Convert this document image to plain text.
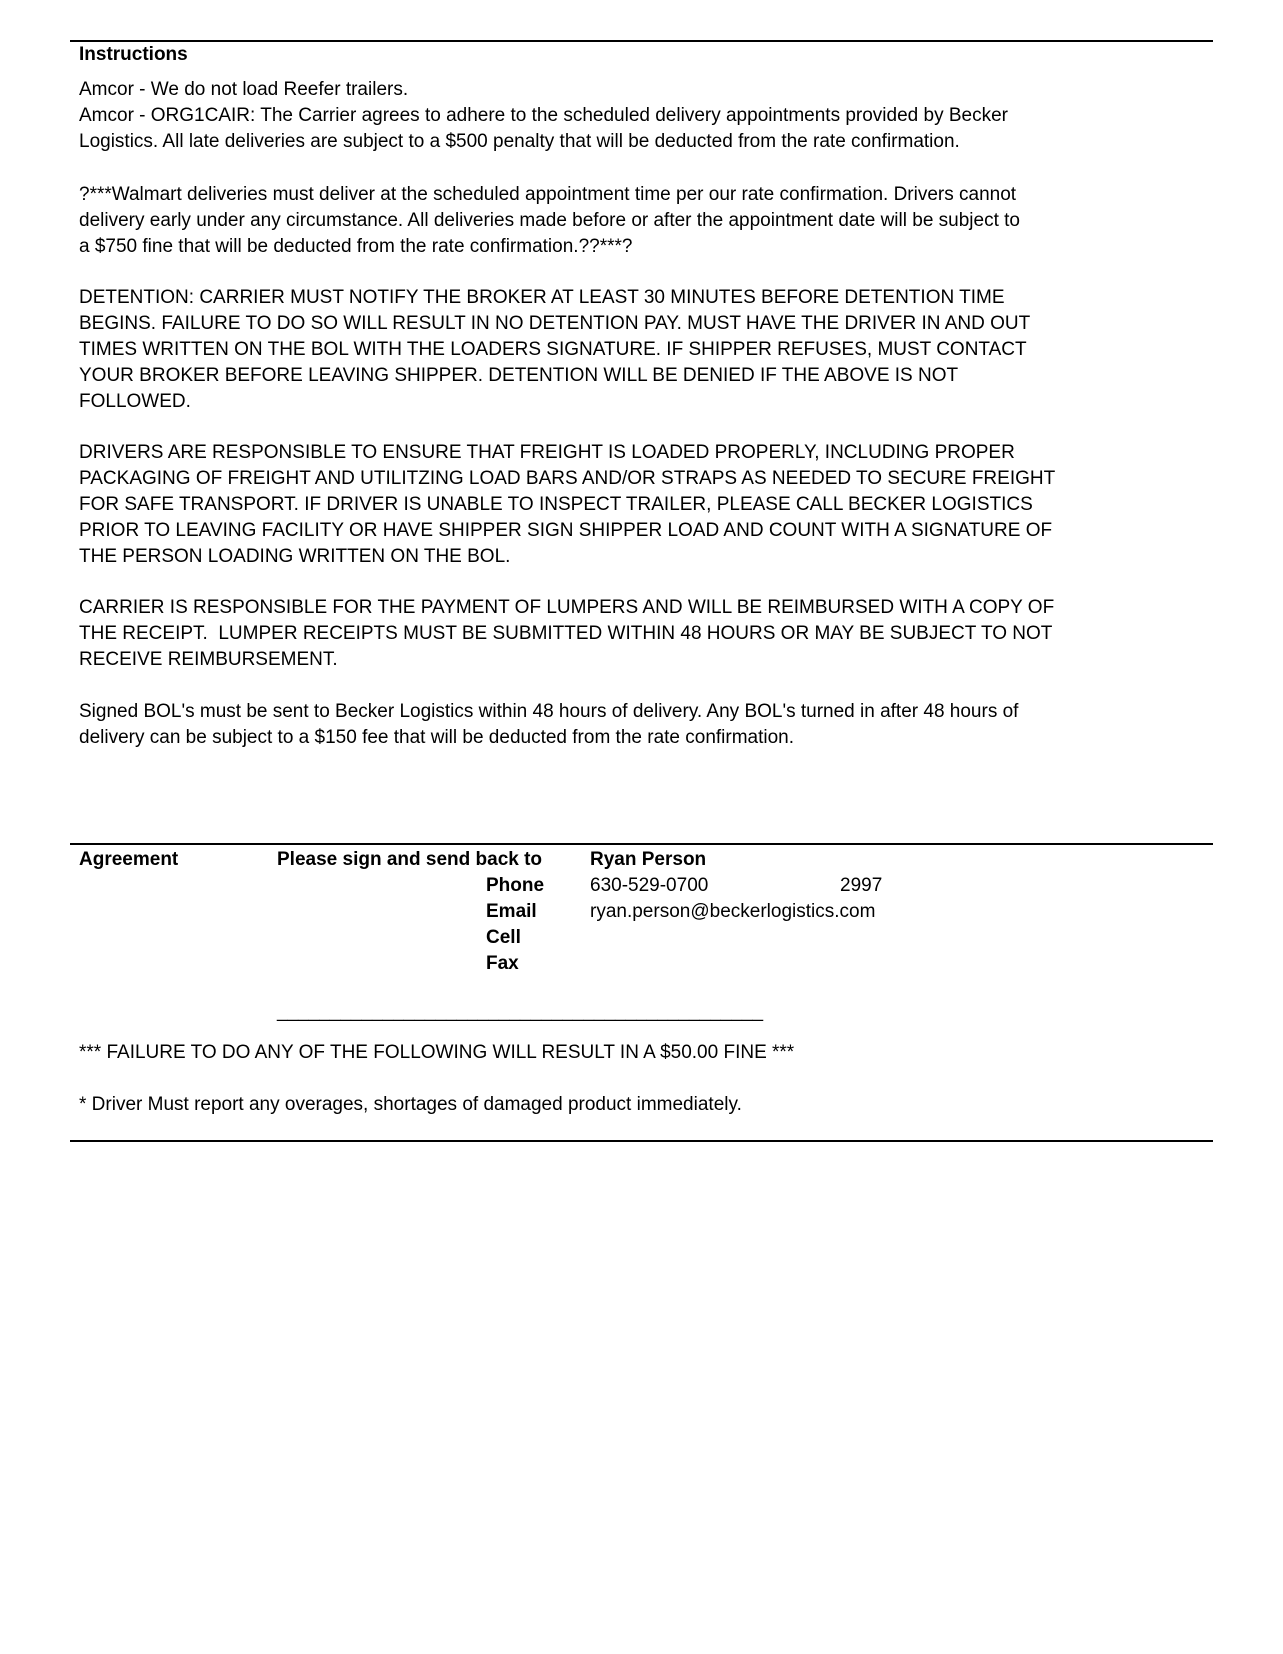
Instructions
Amcor - We do not load Reefer trailers.
Amcor - ORG1CAIR: The Carrier agrees to adhere to the scheduled delivery appointments provided by Becker
Logistics. All late deliveries are subject to a $500 penalty that will be deducted from the rate confirmation.
?***Walmart deliveries must deliver at the scheduled appointment time per our rate confirmation. Drivers cannot
delivery early under any circumstance. All deliveries made before or after the appointment date will be subject to
a $750 fine that will be deducted from the rate confirmation.??***?
DETENTION: CARRIER MUST NOTIFY THE BROKER AT LEAST 30 MINUTES BEFORE DETENTION TIME
BEGINS. FAILURE TO DO SO WILL RESULT IN NO DETENTION PAY. MUST HAVE THE DRIVER IN AND OUT
TIMES WRITTEN ON THE BOL WITH THE LOADERS SIGNATURE. IF SHIPPER REFUSES, MUST CONTACT
YOUR BROKER BEFORE LEAVING SHIPPER. DETENTION WILL BE DENIED IF THE ABOVE IS NOT
FOLLOWED.
DRIVERS ARE RESPONSIBLE TO ENSURE THAT FREIGHT IS LOADED PROPERLY, INCLUDING PROPER
PACKAGING OF FREIGHT AND UTILITZING LOAD BARS AND/OR STRAPS AS NEEDED TO SECURE FREIGHT
FOR SAFE TRANSPORT. IF DRIVER IS UNABLE TO INSPECT TRAILER, PLEASE CALL BECKER LOGISTICS
PRIOR TO LEAVING FACILITY OR HAVE SHIPPER SIGN SHIPPER LOAD AND COUNT WITH A SIGNATURE OF
THE PERSON LOADING WRITTEN ON THE BOL.
CARRIER IS RESPONSIBLE FOR THE PAYMENT OF LUMPERS AND WILL BE REIMBURSED WITH A COPY OF
THE RECEIPT.  LUMPER RECEIPTS MUST BE SUBMITTED WITHIN 48 HOURS OR MAY BE SUBJECT TO NOT
RECEIVE REIMBURSEMENT.
Signed BOL's must be sent to Becker Logistics within 48 hours of delivery. Any BOL's turned in after 48 hours of
delivery can be subject to a $150 fee that will be deducted from the rate confirmation.
Agreement	Please sign and send back to	Ryan Person
Phone 630-529-0700	2997
Email	ryan.person@beckerlogistics.com
Cell
Fax
______________________________________________
*** FAILURE TO DO ANY OF THE FOLLOWING WILL RESULT IN A $50.00 FINE ***
* Driver Must report any overages, shortages of damaged product immediately.
